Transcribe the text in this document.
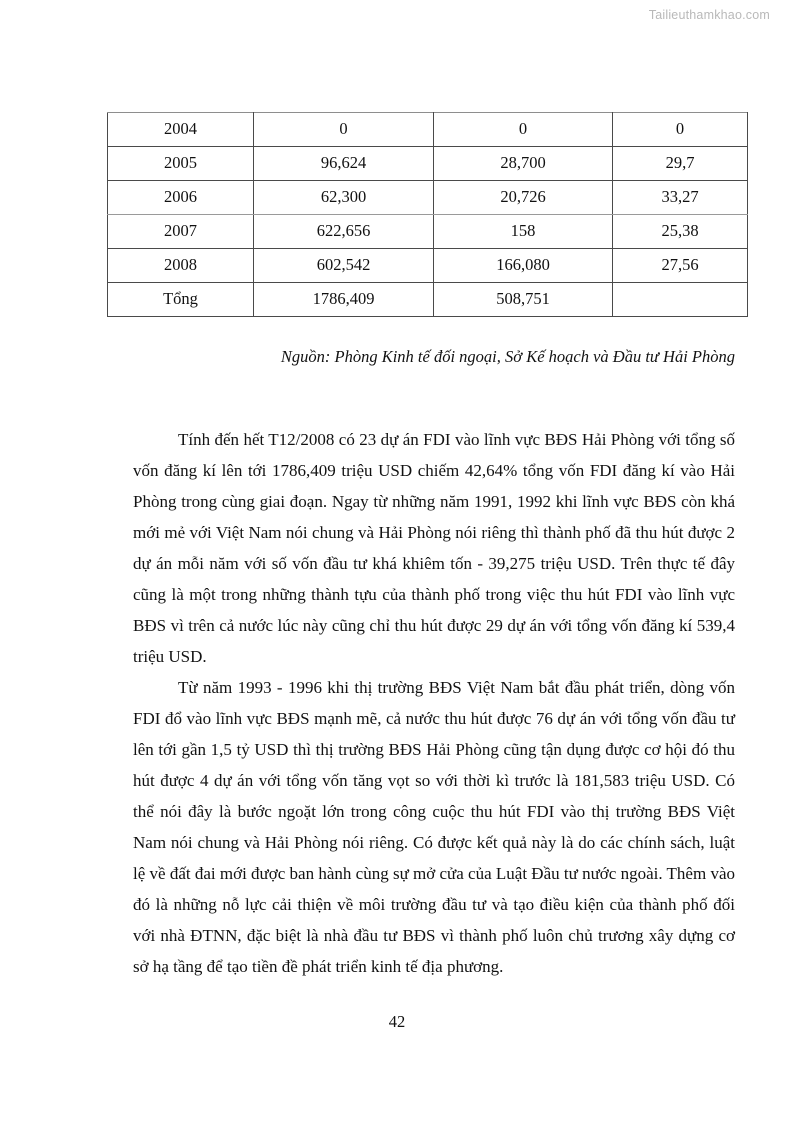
Tailieuthamkhao.com
2004	0	0	0
2005	96,624	28,700	29,7
2006	62,300	20,726	33,27
2007	622,656	158	25,38
2008	602,542	166,080	27,56
Tổng	1786,409	508,751	
Nguồn: Phòng Kinh tế đối ngoại, Sở Kế hoạch và Đầu tư Hải Phòng

Tính đến hết T12/2008 có 23 dự án FDI vào lĩnh vực BĐS Hải Phòng với tổng số vốn đăng kí lên tới 1786,409 triệu USD chiếm 42,64% tổng vốn FDI đăng kí vào Hải Phòng trong cùng giai đoạn. Ngay từ những năm 1991, 1992 khi lĩnh vực BĐS còn khá mới mẻ với Việt Nam nói chung và Hải Phòng nói riêng thì thành phố đã thu hút được 2 dự án mỗi năm với số vốn đầu tư khá khiêm tốn - 39,275 triệu USD. Trên thực tế đây cũng là một trong những thành tựu của thành phố trong việc thu hút FDI vào lĩnh vực BĐS vì trên cả nước lúc này cũng chỉ thu hút được 29 dự án với tổng vốn đăng kí 539,4 triệu USD.

Từ năm 1993 - 1996 khi thị trường BĐS Việt Nam bắt đầu phát triển, dòng vốn FDI đổ vào lĩnh vực BĐS mạnh mẽ, cả nước thu hút được 76 dự án với tổng vốn đầu tư lên tới gần 1,5 tỷ USD thì thị trường BĐS Hải Phòng cũng tận dụng được cơ hội đó thu hút được 4 dự án với tổng vốn tăng vọt so với thời kì trước là 181,583 triệu USD. Có thể nói đây là bước ngoặt lớn trong công cuộc thu hút FDI vào thị trường BĐS Việt Nam nói chung và Hải Phòng nói riêng. Có được kết quả này là do các chính sách, luật lệ về đất đai mới được ban hành cùng sự mở cửa của Luật Đầu tư nước ngoài. Thêm vào đó là những nỗ lực cải thiện về môi trường đầu tư và tạo điều kiện của thành phố đối với nhà ĐTNN, đặc biệt là nhà đầu tư BĐS vì thành phố luôn chủ trương xây dựng cơ sở hạ tầng để tạo tiền đề phát triển kinh tế địa phương.

42
